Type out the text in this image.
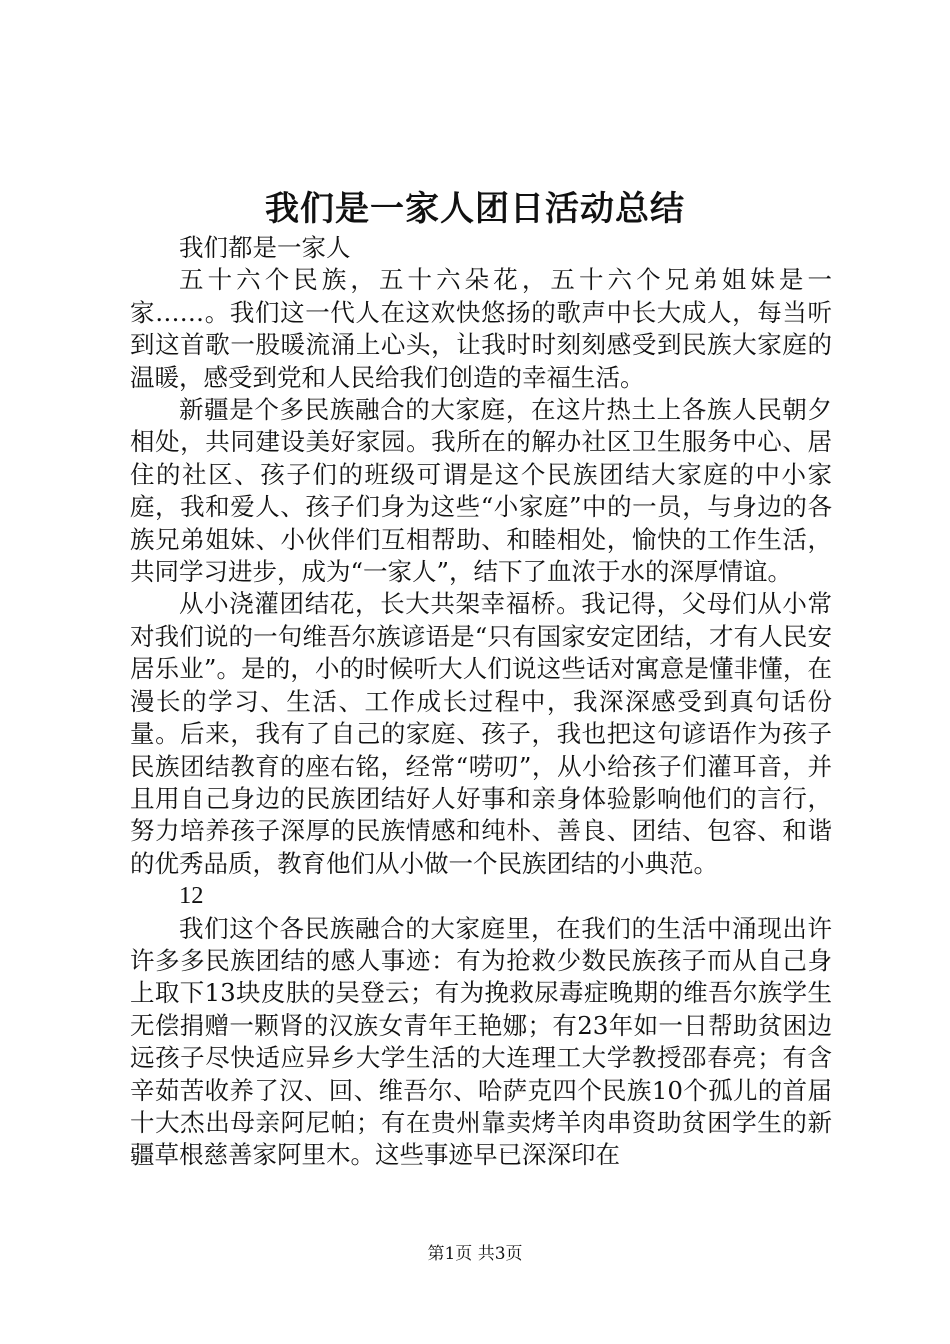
我们是一家人团日活动总结

我们都是一家人

五十六个民族，五十六朵花，五十六个兄弟姐妹是一家……。我们这一代人在这欢快悠扬的歌声中长大成人，每当听到这首歌一股暖流涌上心头，让我时时刻刻感受到民族大家庭的温暖，感受到党和人民给我们创造的幸福生活。

新疆是个多民族融合的大家庭，在这片热土上各族人民朝夕相处，共同建设美好家园。我所在的解办社区卫生服务中心、居住的社区、孩子们的班级可谓是这个民族团结大家庭的中小家庭，我和爱人、孩子们身为这些“小家庭”中的一员，与身边的各族兄弟姐妹、小伙伴们互相帮助、和睦相处，愉快的工作生活，共同学习进步，成为“一家人”，结下了血浓于水的深厚情谊。

从小浇灌团结花，长大共架幸福桥。我记得，父母们从小常对我们说的一句维吾尔族谚语是“只有国家安定团结，才有人民安居乐业”。是的，小的时候听大人们说这些话对寓意是懂非懂，在漫长的学习、生活、工作成长过程中，我深深感受到真句话份量。后来，我有了自己的家庭、孩子，我也把这句谚语作为孩子民族团结教育的座右铭，经常“唠叨”，从小给孩子们灌耳音，并且用自己身边的民族团结好人好事和亲身体验影响他们的言行，努力培养孩子深厚的民族情感和纯朴、善良、团结、包容、和谐的优秀品质，教育他们从小做一个民族团结的小典范。

12

我们这个各民族融合的大家庭里，在我们的生活中涌现出许许多多民族团结的感人事迹：有为抢救少数民族孩子而从自己身上取下13块皮肤的吴登云；有为挽救尿毒症晚期的维吾尔族学生无偿捐赠一颗肾的汉族女青年王艳娜；有23年如一日帮助贫困边远孩子尽快适应异乡大学生活的大连理工大学教授邵春亮；有含辛茹苦收养了汉、回、维吾尔、哈萨克四个民族10个孤儿的首届十大杰出母亲阿尼帕；有在贵州靠卖烤羊肉串资助贫困学生的新疆草根慈善家阿里木。这些事迹早已深深印在

第1页 共3页
